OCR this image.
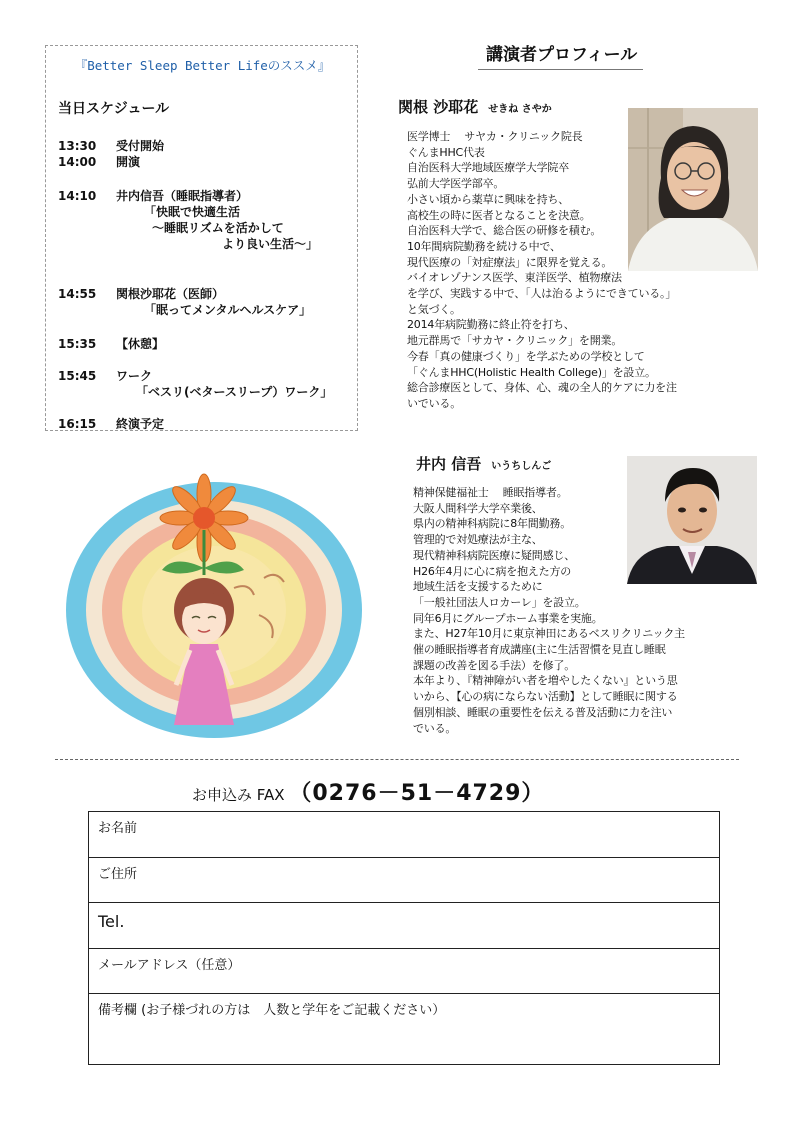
『Better Sleep Better Lifeのススメ』
当日スケジュール
13:30	受付開始
14:00	開演
14:10	井内信吾（睡眠指導者）
「快眠で快適生活
～睡眠リズムを活かして
より良い生活～」
14:55	関根沙耶花（医師）
「眠ってメンタルヘルスケア」
15:35	【休憩】
15:45	ワーク
「ベスリ(ベタースリープ）ワーク」
16:15	終演予定
講演者プロフィール
関根 沙耶花 せきね さやか

医学博士　 サヤカ・クリニック院長

ぐんまHHC代表

自治医科大学地域医療学大学院卒

弘前大学医学部卒。

小さい頃から薬草に興味を持ち、

高校生の時に医者となることを決意。

自治医科大学で、総合医の研修を積む。

10年間病院勤務を続ける中で、

現代医療の「対症療法」に限界を覚える。

バイオレゾナンス医学、東洋医学、植物療法

を学び、実践する中で、「人は治るようにできている。」

と気づく。

2014年病院勤務に終止符を打ち、

地元群馬で「サカヤ・クリニック」を開業。

今春「真の健康づくり」を学ぶための学校として

「ぐんまHHC(Holistic Health College)」を設立。

総合診療医として、身体、心、魂の全人的ケアに力を注

いでいる。

井内 信吾 いうちしんご

精神保健福祉士　 睡眠指導者。

大阪人間科学大学卒業後、

県内の精神科病院に8年間勤務。

管理的で対処療法が主な、

現代精神科病院医療に疑問感じ、

H26年4月に心に病を抱えた方の

地域生活を支援するために

「一般社団法人ロカーレ」を設立。

同年6月にグループホーム事業を実施。

また、H27年10月に東京神田にあるベスリクリニック主

催の睡眠指導者育成講座(主に生活習慣を見直し睡眠

課題の改善を図る手法）を修了。

本年より、『精神障がい者を増やしたくない』という思

いから、【心の病にならない活動】として睡眠に関する

個別相談、睡眠の重要性を伝える普及活動に力を注い

でいる。

お申込み FAX （0276－51－4729）
お名前
ご住所
Tel.
メールアドレス（任意）
備考欄 (お子様づれの方は　人数と学年をご記載ください）
